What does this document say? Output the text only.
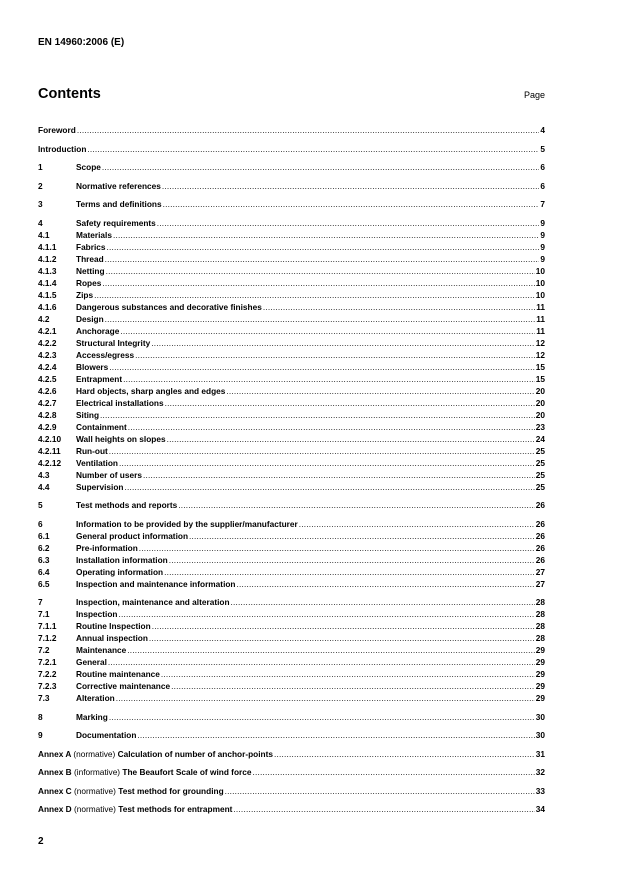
EN 14960:2006 (E)
Contents	Page
Foreword .....	4
Introduction .....	5
1	Scope .....	6
2	Normative references .....	6
3	Terms and definitions .....	7
4	Safety requirements .....	9
4.1	Materials .....	9
4.1.1	Fabrics .....	9
4.1.2	Thread .....	9
4.1.3	Netting .....	10
4.1.4	Ropes .....	10
4.1.5	Zips .....	10
4.1.6	Dangerous substances and decorative finishes .....	11
4.2	Design .....	11
4.2.1	Anchorage .....	11
4.2.2	Structural Integrity .....	12
4.2.3	Access/egress .....	12
4.2.4	Blowers .....	15
4.2.5	Entrapment .....	15
4.2.6	Hard objects, sharp angles and edges .....	20
4.2.7	Electrical installations .....	20
4.2.8	Siting .....	20
4.2.9	Containment .....	23
4.2.10	Wall heights on slopes .....	24
4.2.11	Run-out .....	25
4.2.12	Ventilation .....	25
4.3	Number of users .....	25
4.4	Supervision .....	25
5	Test methods and reports .....	26
6	Information to be provided by the supplier/manufacturer .....	26
6.1	General product information .....	26
6.2	Pre-information .....	26
6.3	Installation information .....	26
6.4	Operating information .....	27
6.5	Inspection and maintenance information .....	27
7	Inspection, maintenance and alteration .....	28
7.1	Inspection .....	28
7.1.1	Routine Inspection .....	28
7.1.2	Annual inspection .....	28
7.2	Maintenance .....	29
7.2.1	General .....	29
7.2.2	Routine maintenance .....	29
7.2.3	Corrective maintenance .....	29
7.3	Alteration .....	29
8	Marking .....	30
9	Documentation .....	30
Annex A (normative) Calculation of number of anchor-points .....	31
Annex B (informative) The Beaufort Scale of wind force .....	32
Annex C (normative) Test method for grounding .....	33
Annex D (normative) Test methods for entrapment .....	34
2
